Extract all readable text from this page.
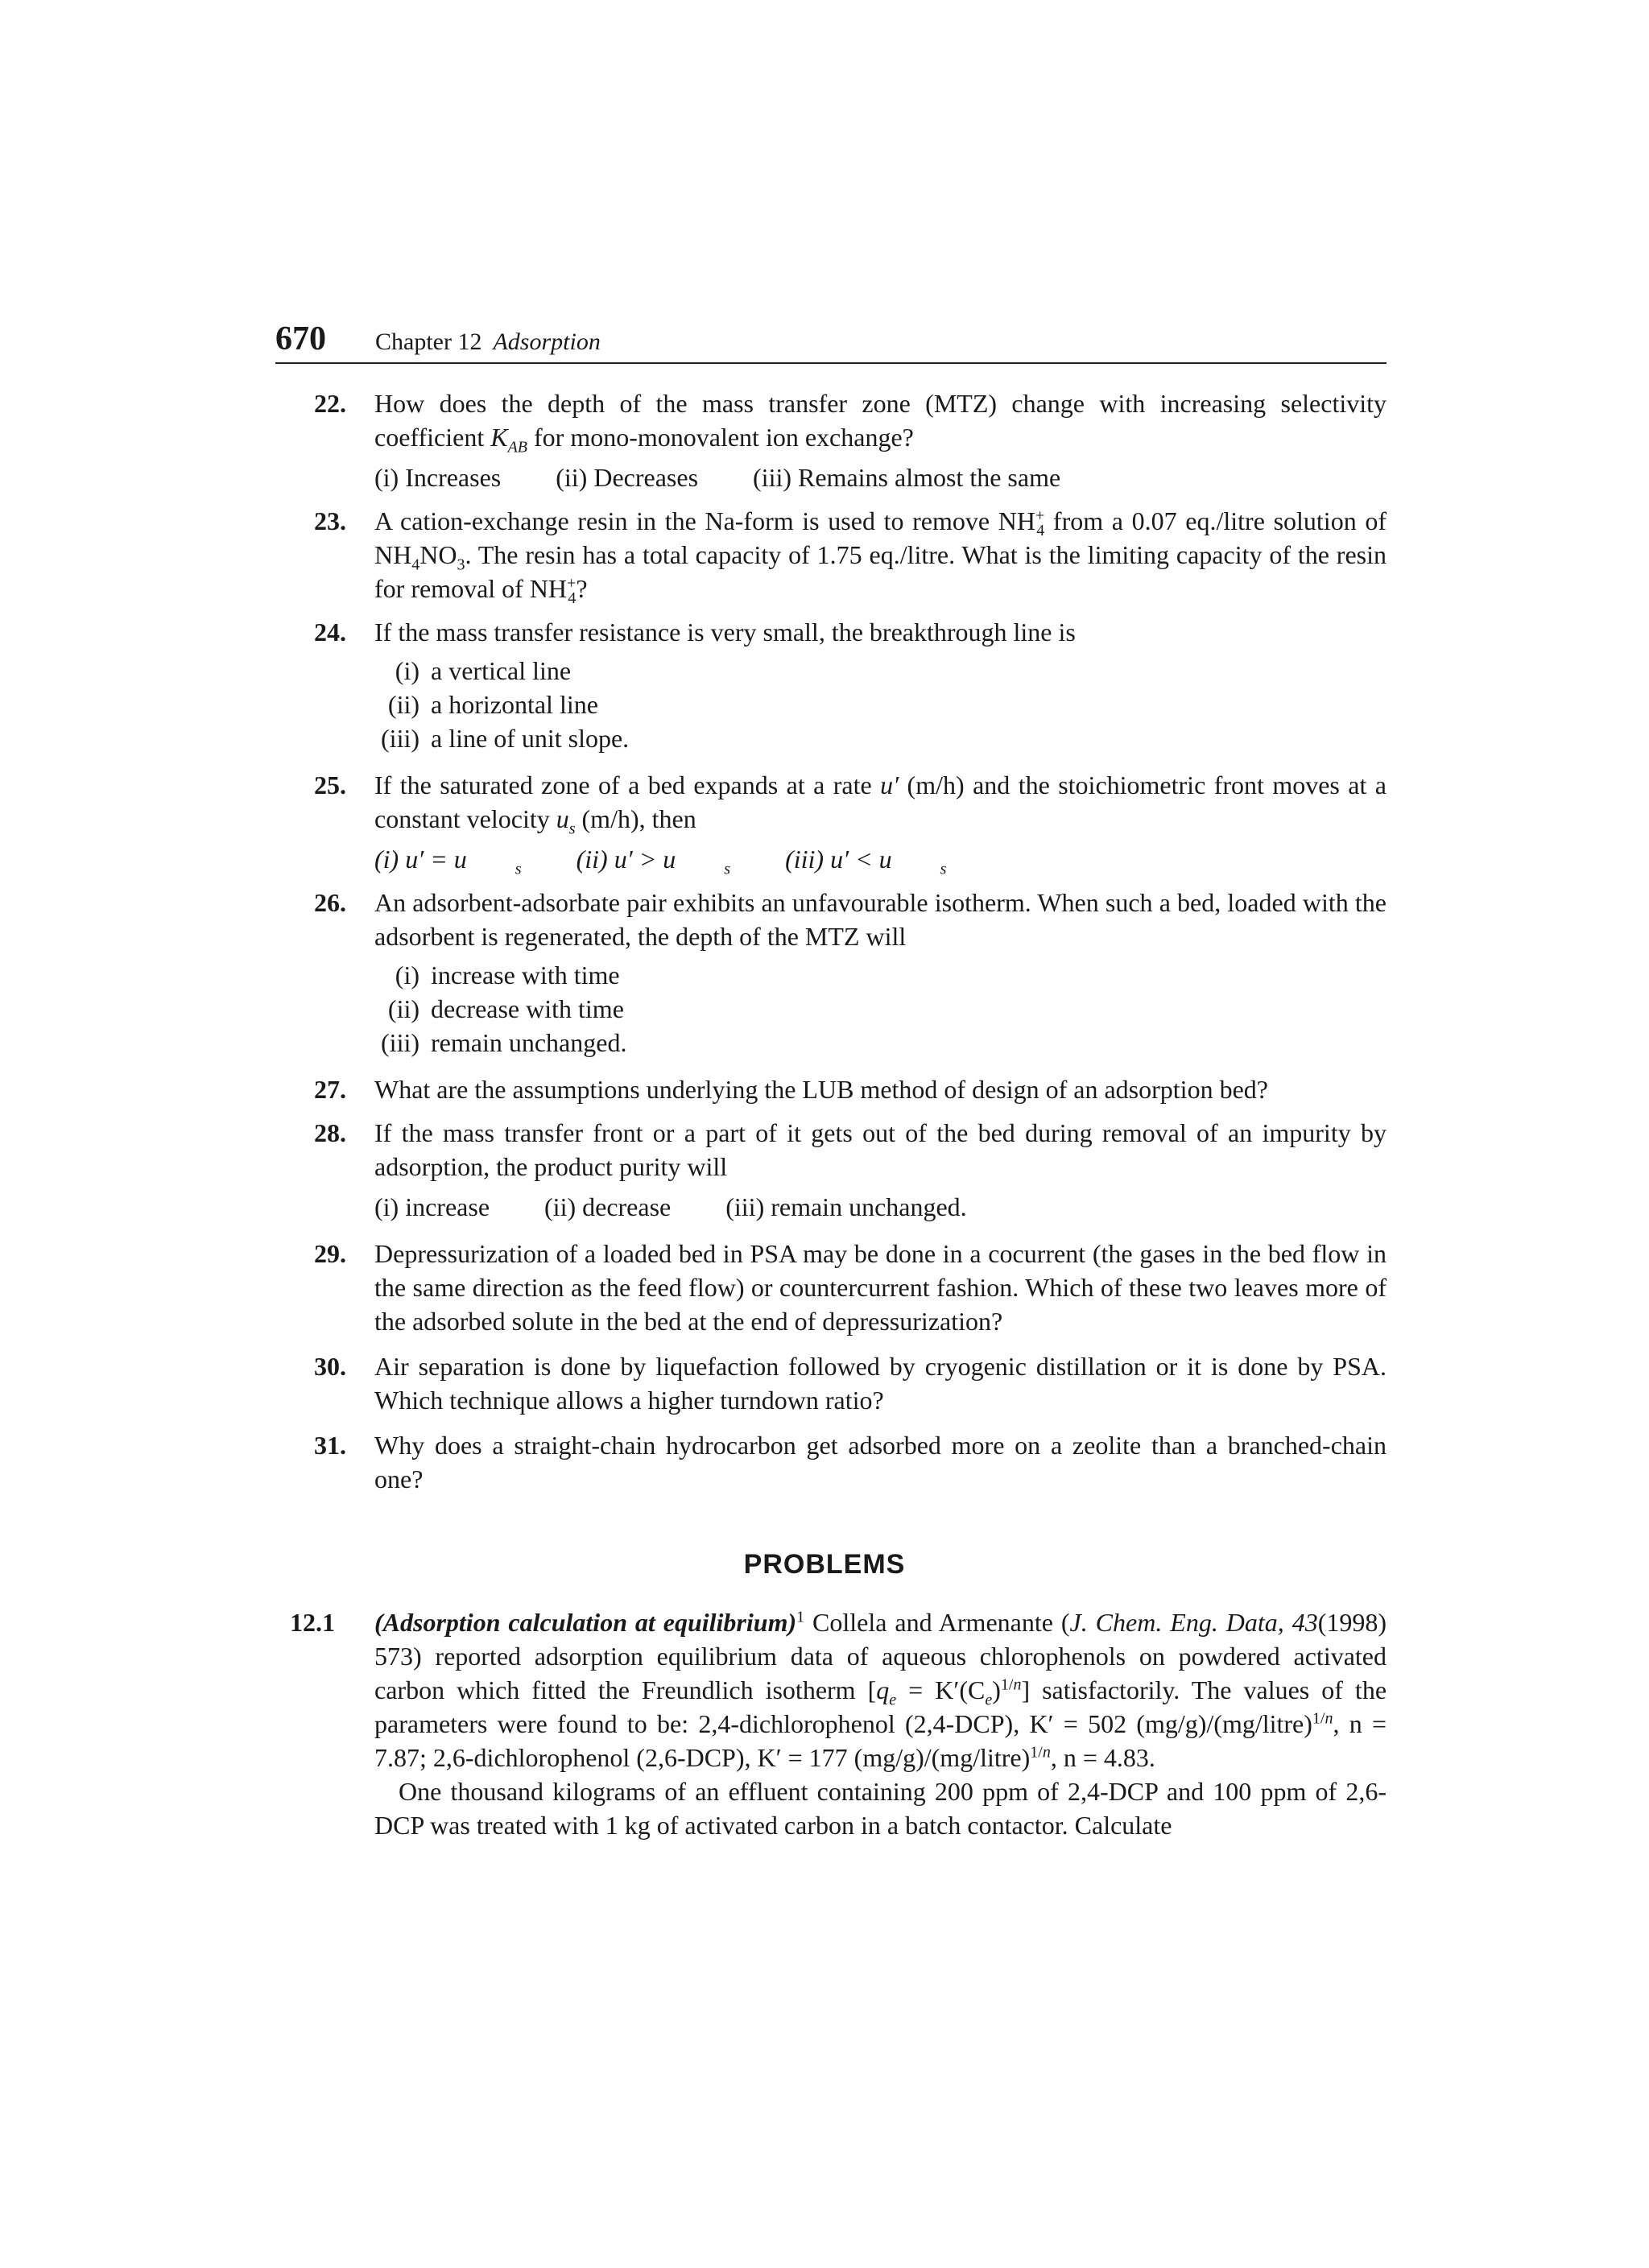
670 Chapter 12 Adsorption
22. How does the depth of the mass transfer zone (MTZ) change with increasing selectivity coefficient $K_{AB}$ for mono-monovalent ion exchange?

(i) Increases (ii) Decreases (iii) Remains almost the same
23. A cation-exchange resin in the Na-form is used to remove $NH^+_4$ from a 0.07 eq./litre solution of $NH_4NO_3$. The resin has a total capacity of 1.75 eq./litre. What is the limiting capacity of the resin for removal of $NH^+_4$?

24. If the mass transfer resistance is very small, the breakthrough line is

(i) a vertical line
(ii) a horizontal line
(iii) a line of unit slope.
25. If the saturated zone of a bed expands at a rate u′ (m/h) and the stoichiometric front moves at a constant velocity $u_s$ (m/h), then

(i) u′ = u	$_s$ (ii) u′ > u	$_s$ (iii) u′ < u	$_s$
26. An adsorbent-adsorbate pair exhibits an unfavourable isotherm. When such a bed, loaded with the adsorbent is regenerated, the depth of the MTZ will

(i) increase with time
(ii) decrease with time
(iii) remain unchanged.
27. What are the assumptions underlying the LUB method of design of an adsorption bed?
28. If the mass transfer front or a part of it gets out of the bed during removal of an impurity by adsorption, the product purity will

(i) increase (ii) decrease (iii) remain unchanged.
29. Depressurization of a loaded bed in PSA may be done in a cocurrent (the gases in the bed flow in the same direction as the feed flow) or countercurrent fashion. Which of these two leaves more of the adsorbed solute in the bed at the end of depressurization?
30. Air separation is done by liquefaction followed by cryogenic distillation or it is done by PSA. Which technique allows a higher turndown ratio?
31. Why does a straight-chain hydrocarbon get adsorbed more on a zeolite than a branched-chain one?
PROBLEMS
12.1 (Adsorption calculation at equilibrium)$^1$ Collela and Armenante (J. Chem. Eng. Data, 43(1998) 573) reported adsorption equilibrium data of aqueous chlorophenols on powdered activated carbon which fitted the Freundlich isotherm $[q_e = K'(C_e)^{1/n}]$ satisfactorily. The values of the parameters were found to be: 2,4-dichlorophenol (2,4-DCP), K′ = 502 (mg/g)/(mg/litre)$^{1/n}$, n = 7.87; 2,6-dichlorophenol (2,6-DCP), K′ = 177 (mg/g)/(mg/litre)$^{1/n}$, n = 4.83.

One thousand kilograms of an effluent containing 200 ppm of 2,4-DCP and 100 ppm of 2,6-DCP was treated with 1 kg of activated carbon in a batch contactor. Calculate
